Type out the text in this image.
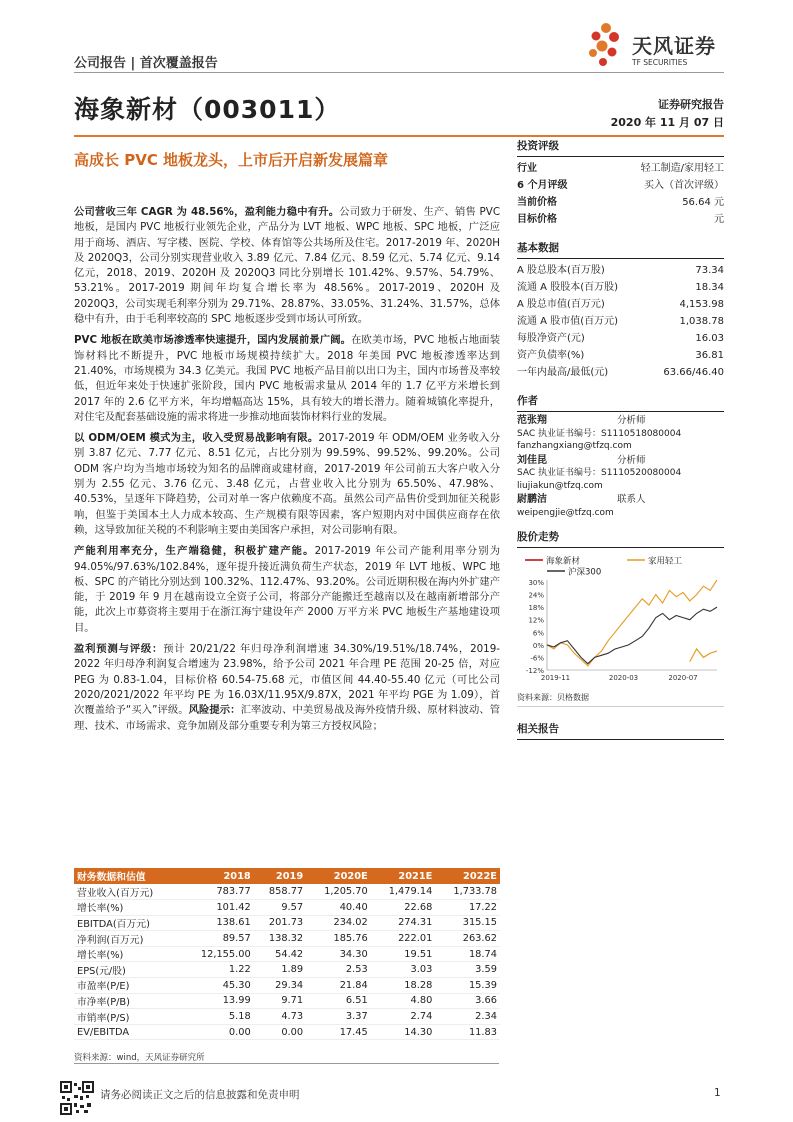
公司报告 | 首次覆盖报告
天风证券
TF SECURITIES
海象新材（003011）	证券研究报告
2020 年 11 月 07 日
高成长 PVC 地板龙头，上市后开启新发展篇章

公司营收三年 CAGR 为 48.56%，盈利能力稳中有升。公司致力于研发、生产、销售 PVC 地板，是国内 PVC 地板行业领先企业，产品分为 LVT 地板、WPC 地板、SPC 地板，广泛应用于商场、酒店、写字楼、医院、学校、体育馆等公共场所及住宅。2017-2019 年、2020H 及 2020Q3，公司分别实现营业收入 3.89 亿元、7.84 亿元、8.59 亿元、5.74 亿元、9.14 亿元，2018、2019、2020H 及 2020Q3 同比分别增长 101.42%、9.57%、54.79%、53.21%。2017-2019 期间年均复合增长率为 48.56%。2017-2019、2020H 及 2020Q3，公司实现毛利率分别为 29.71%、28.87%、33.05%、31.24%、31.57%，总体稳中有升，由于毛利率较高的 SPC 地板逐步受到市场认可所致。

PVC 地板在欧美市场渗透率快速提升，国内发展前景广阔。在欧美市场，PVC 地板占地面装饰材料比不断提升，PVC 地板市场规模持续扩大。2018 年美国 PVC 地板渗透率达到 21.40%，市场规模为 34.3 亿美元。我国 PVC 地板产品目前以出口为主，国内市场普及率较低，但近年来处于快速扩张阶段，国内 PVC 地板需求量从 2014 年的 1.7 亿平方米增长到 2017 年的 2.6 亿平方米，年均增幅高达 15%，具有较大的增长潜力。随着城镇化率提升，对住宅及配套基础设施的需求将进一步推动地面装饰材料行业的发展。

以 ODM/OEM 模式为主，收入受贸易战影响有限。2017-2019 年 ODM/OEM 业务收入分别 3.87 亿元、7.77 亿元、8.51 亿元，占比分别为 99.59%、99.52%、99.20%。公司 ODM 客户均为当地市场较为知名的品牌商或建材商，2017-2019 年公司前五大客户收入分别为 2.55 亿元、3.76 亿元、3.48 亿元，占营业收入比分别为 65.50%、47.98%、40.53%，呈逐年下降趋势，公司对单一客户依赖度不高。虽然公司产品售价受到加征关税影响，但鉴于美国本土人力成本较高、生产规模有限等因素，客户短期内对中国供应商存在依赖，这导致加征关税的不利影响主要由美国客户承担，对公司影响有限。

产能利用率充分，生产端稳健，积极扩建产能。2017-2019 年公司产能利用率分别为 94.05%/97.63%/102.84%，逐年提升接近满负荷生产状态，2019 年 LVT 地板、WPC 地板、SPC 的产销比分别达到 100.32%、112.47%、93.20%。公司近期积极在海内外扩建产能，于 2019 年 9 月在越南设立全资子公司，将部分产能搬迁至越南以及在越南新增部分产能，此次上市募资将主要用于在浙江海宁建设年产 2000 万平方米 PVC 地板生产基地建设项目。

盈利预测与评级：预计 20/21/22 年归母净利润增速 34.30%/19.51%/18.74%，2019-2022 年归母净利润复合增速为 23.98%，给予公司 2021 年合理 PE 范围 20-25 倍，对应 PEG 为 0.83-1.04，目标价格 60.54-75.68 元，市值区间 44.40-55.40 亿元（可比公司 2020/2021/2022 年平均 PE 为 16.03X/11.95X/9.87X，2021 年平均 PGE 为 1.09），首次覆盖给予“买入”评级。风险提示：汇率波动、中美贸易战及海外疫情升级、原材料波动、管理、技术、市场需求、竞争加剧及部分重要专利为第三方授权风险；

投资评级
行业	轻工制造/家用轻工
6 个月评级	买入（首次评级）
当前价格	56.64 元
目标价格	元
基本数据
A 股总股本(百万股)	73.34
流通 A 股股本(百万股)	18.34
A 股总市值(百万元)	4,153.98
流通 A 股市值(百万元)	1,038.78
每股净资产(元)	16.03
资产负债率(%)	36.81
一年内最高/最低(元)	63.66/46.40
作者
范张翔	分析师
SAC 执业证书编号：S1110518080004
fanzhangxiang@tfzq.com
刘佳昆	分析师
SAC 执业证书编号：S1110520080004
liujiakun@tfzq.com
尉鹏洁	联系人
weipengjie@tfzq.com
股价走势
海象新材	家用轻工
沪深300
30%
24%
18%
12%
6%
0%
-6%
-12%
2019-11	2020-03	2020-07
资料来源：贝格数据
相关报告
财务数据和估值	2018	2019	2020E	2021E	2022E
营业收入(百万元)	783.77	858.77	1,205.70	1,479.14	1,733.78
增长率(%)	101.42	9.57	40.40	22.68	17.22
EBITDA(百万元)	138.61	201.73	234.02	274.31	315.15
净利润(百万元)	89.57	138.32	185.76	222.01	263.62
增长率(%)	12,155.00	54.42	34.30	19.51	18.74
EPS(元/股)	1.22	1.89	2.53	3.03	3.59
市盈率(P/E)	45.30	29.34	21.84	18.28	15.39
市净率(P/B)	13.99	9.71	6.51	4.80	3.66
市销率(P/S)	5.18	4.73	3.37	2.74	2.34
EV/EBITDA	0.00	0.00	17.45	14.30	11.83
资料来源：wind，天风证券研究所
请务必阅读正文之后的信息披露和免责申明	1
